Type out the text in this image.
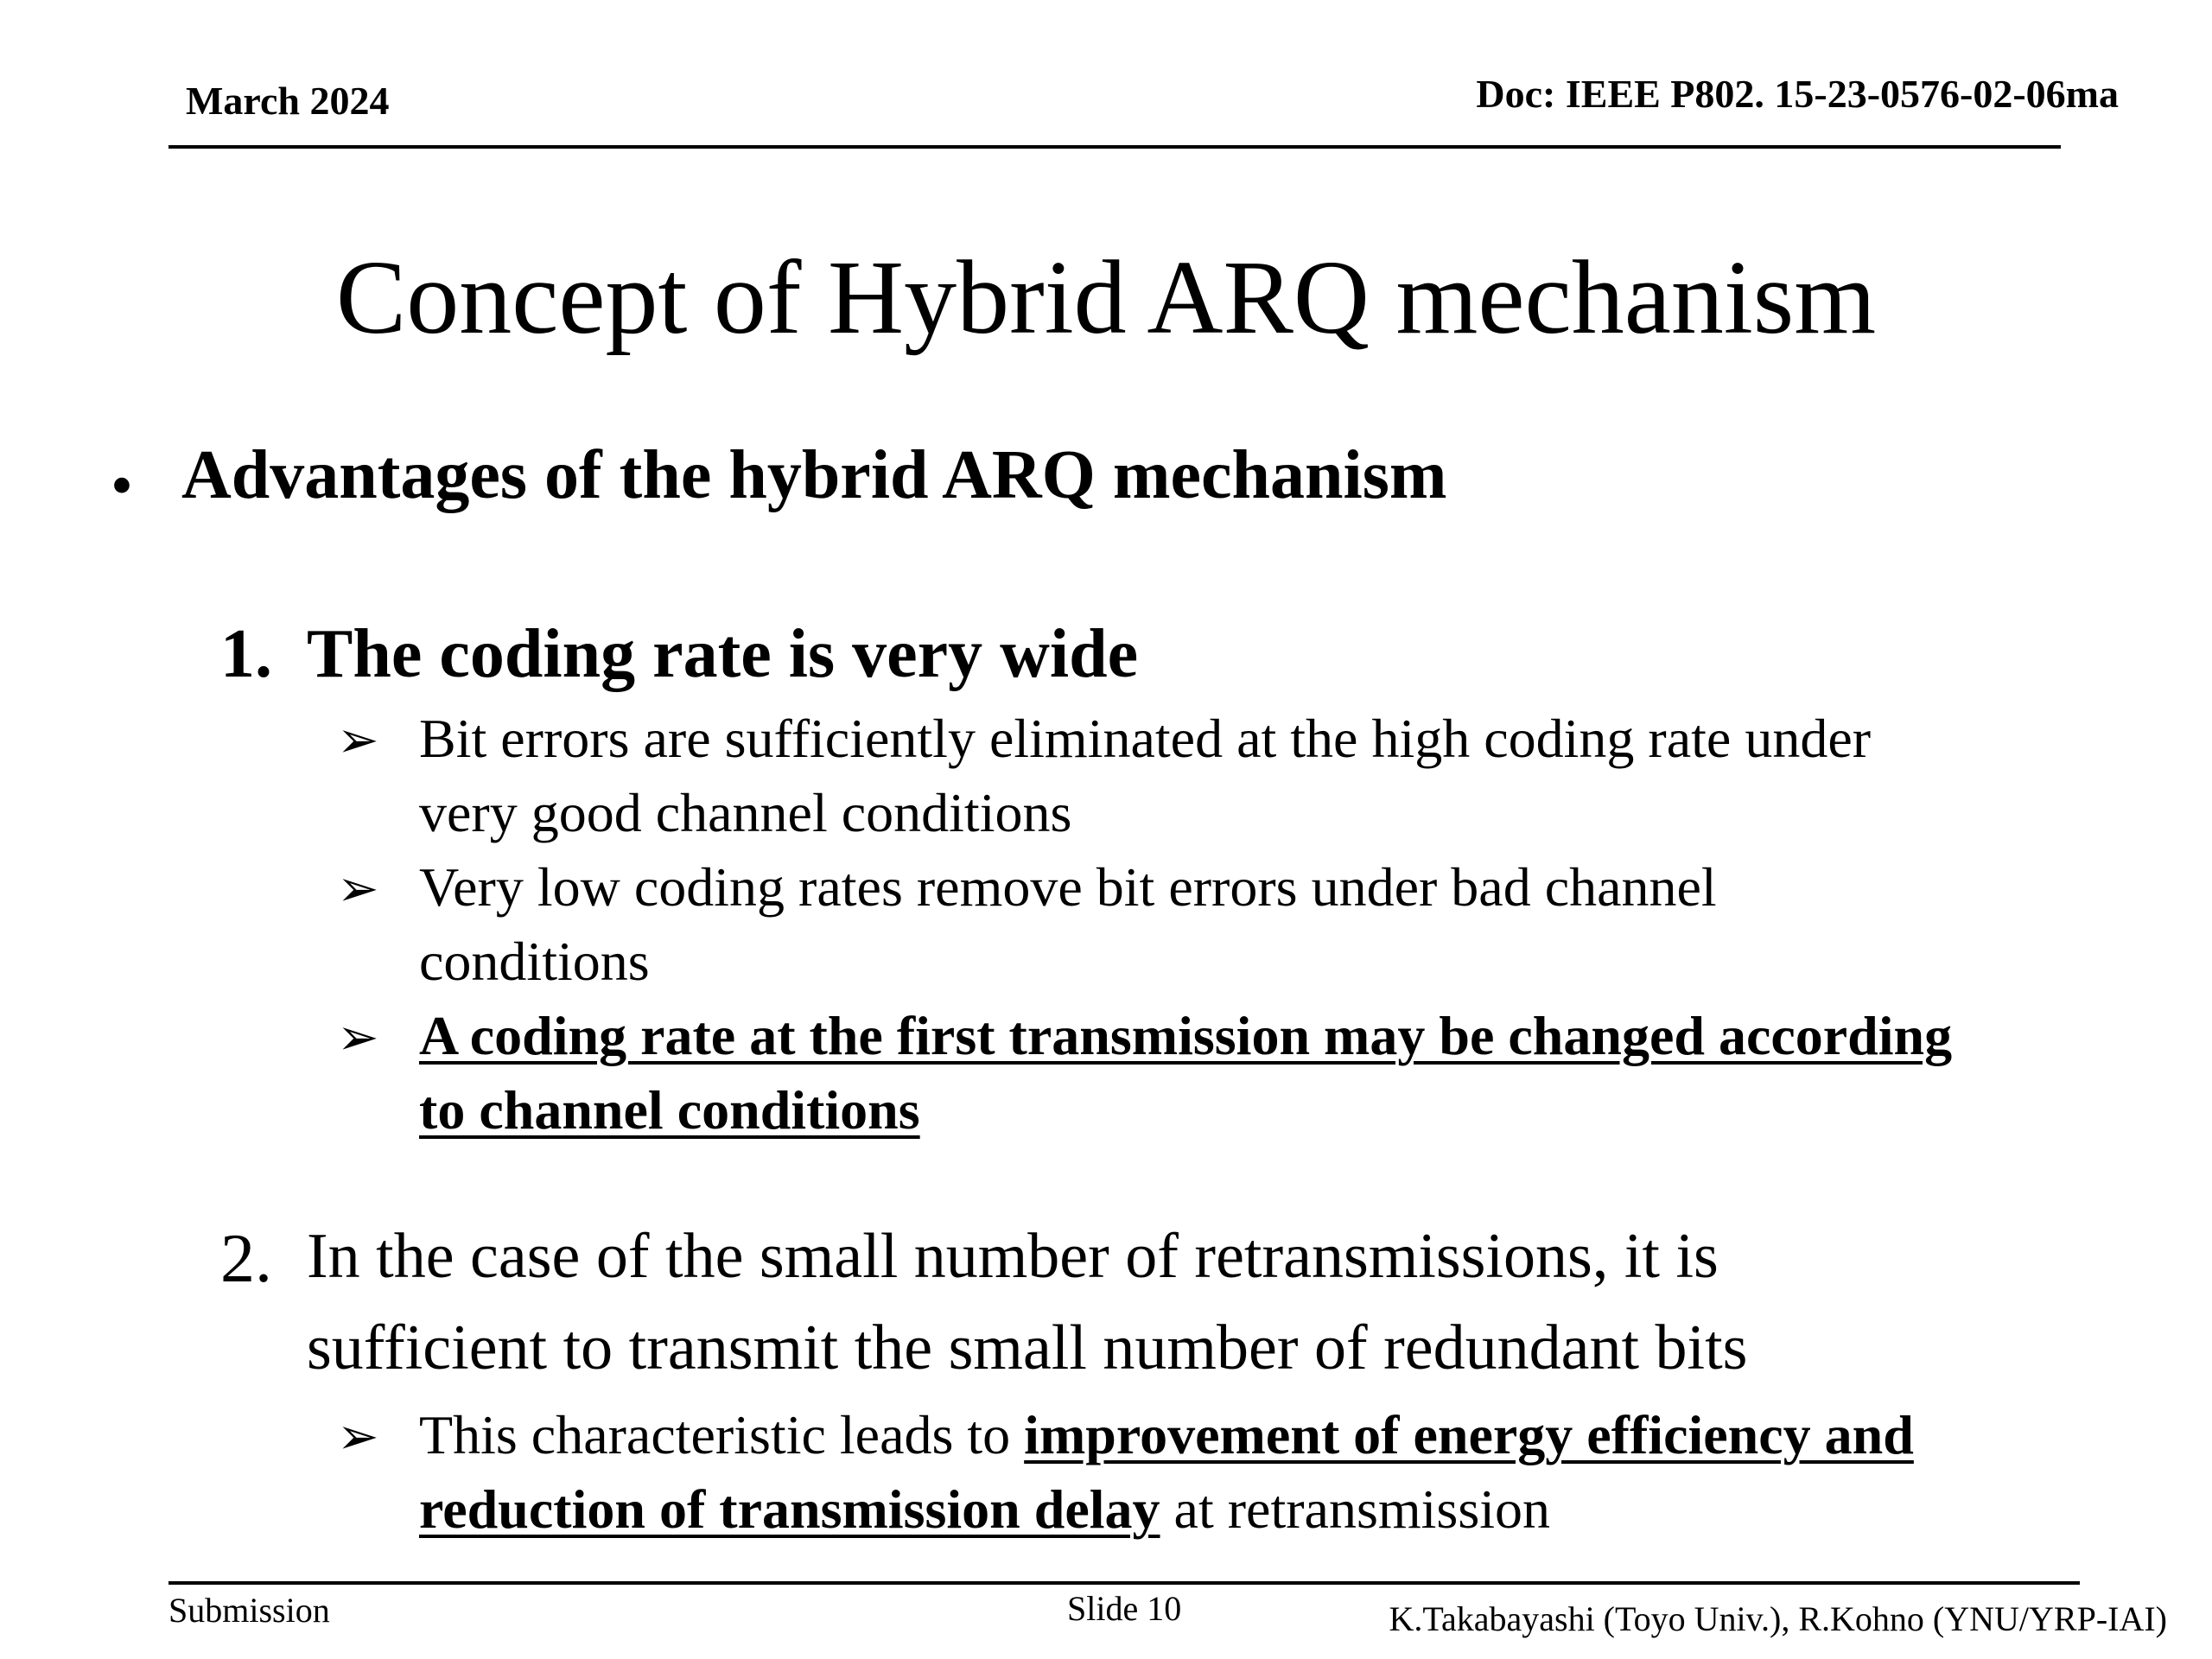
March 2024	Doc: IEEE P802. 15-23-0576-02-06ma
Concept of Hybrid ARQ mechanism
• Advantages of the hybrid ARQ mechanism
1. The coding rate is very wide
➢ Bit errors are sufficiently eliminated at the high coding rate under
very good channel conditions
➢ Very low coding rates remove bit errors under bad channel
conditions
➢ A coding rate at the first transmission may be changed according
to channel conditions
2. In the case of the small number of retransmissions, it is
sufficient to transmit the small number of redundant bits
➢ This characteristic leads to improvement of energy efficiency and
reduction of transmission delay at retransmission
Submission	Slide 10	K.Takabayashi (Toyo Univ.), R.Kohno (YNU/YRP-IAI)
